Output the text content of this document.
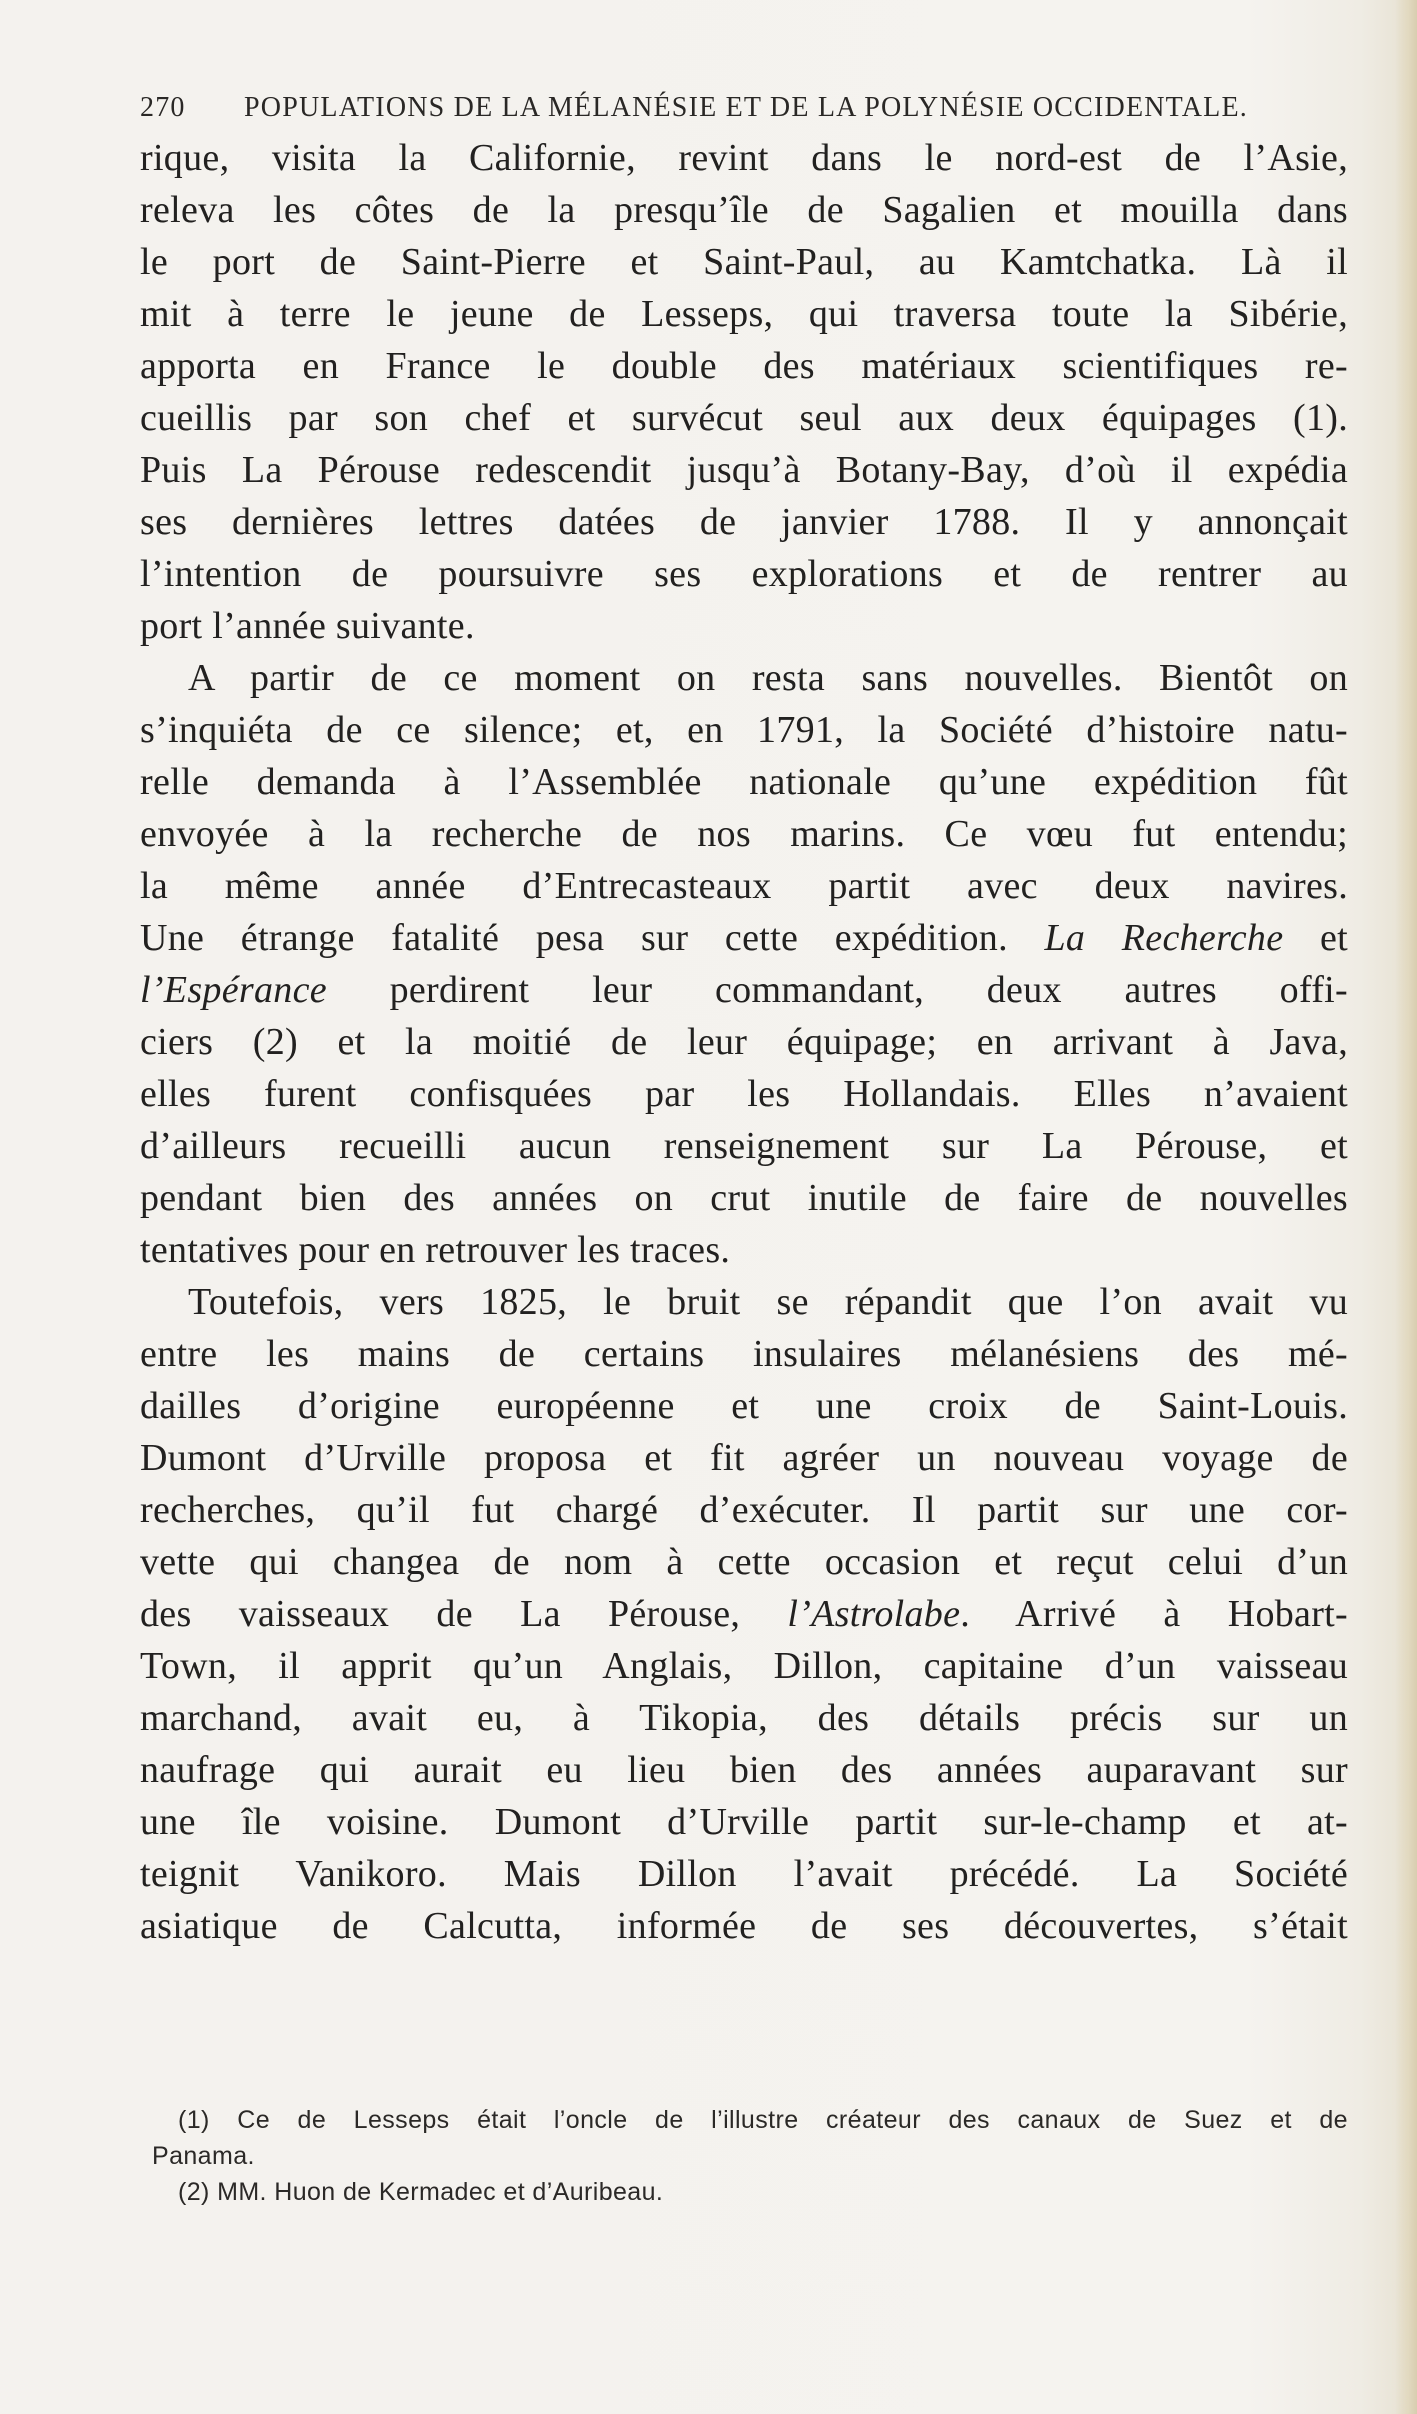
270 POPULATIONS DE LA MÉLANÉSIE ET DE LA POLYNÉSIE OCCIDENTALE.
rique, visita la Californie, revint dans le nord-est de l’Asie,
releva les côtes de la presqu’île de Sagalien et mouilla dans
le port de Saint-Pierre et Saint-Paul, au Kamtchatka. Là il
mit à terre le jeune de Lesseps, qui traversa toute la Sibérie,
apporta en France le double des matériaux scientifiques re-
cueillis par son chef et survécut seul aux deux équipages (1).
Puis La Pérouse redescendit jusqu’à Botany-Bay, d’où il expédia
ses dernières lettres datées de janvier 1788. Il y annonçait
l’intention de poursuivre ses explorations et de rentrer au
port l’année suivante.
A partir de ce moment on resta sans nouvelles. Bientôt on
s’inquiéta de ce silence; et, en 1791, la Société d’histoire natu-
relle demanda à l’Assemblée nationale qu’une expédition fût
envoyée à la recherche de nos marins. Ce vœu fut entendu;
la même année d’Entrecasteaux partit avec deux navires.
Une étrange fatalité pesa sur cette expédition. La Recherche et
l’Espérance perdirent leur commandant, deux autres offi-
ciers (2) et la moitié de leur équipage; en arrivant à Java,
elles furent confisquées par les Hollandais. Elles n’avaient
d’ailleurs recueilli aucun renseignement sur La Pérouse, et
pendant bien des années on crut inutile de faire de nouvelles
tentatives pour en retrouver les traces.
Toutefois, vers 1825, le bruit se répandit que l’on avait vu
entre les mains de certains insulaires mélanésiens des mé-
dailles d’origine européenne et une croix de Saint-Louis.
Dumont d’Urville proposa et fit agréer un nouveau voyage de
recherches, qu’il fut chargé d’exécuter. Il partit sur une cor-
vette qui changea de nom à cette occasion et reçut celui d’un
des vaisseaux de La Pérouse, l’Astrolabe. Arrivé à Hobart-
Town, il apprit qu’un Anglais, Dillon, capitaine d’un vaisseau
marchand, avait eu, à Tikopia, des détails précis sur un
naufrage qui aurait eu lieu bien des années auparavant sur
une île voisine. Dumont d’Urville partit sur-le-champ et at-
teignit Vanikoro. Mais Dillon l’avait précédé. La Société
asiatique de Calcutta, informée de ses découvertes, s’était
(1) Ce de Lesseps était l’oncle de l’illustre créateur des canaux de Suez et de
Panama.
(2) MM. Huon de Kermadec et d’Auribeau.
